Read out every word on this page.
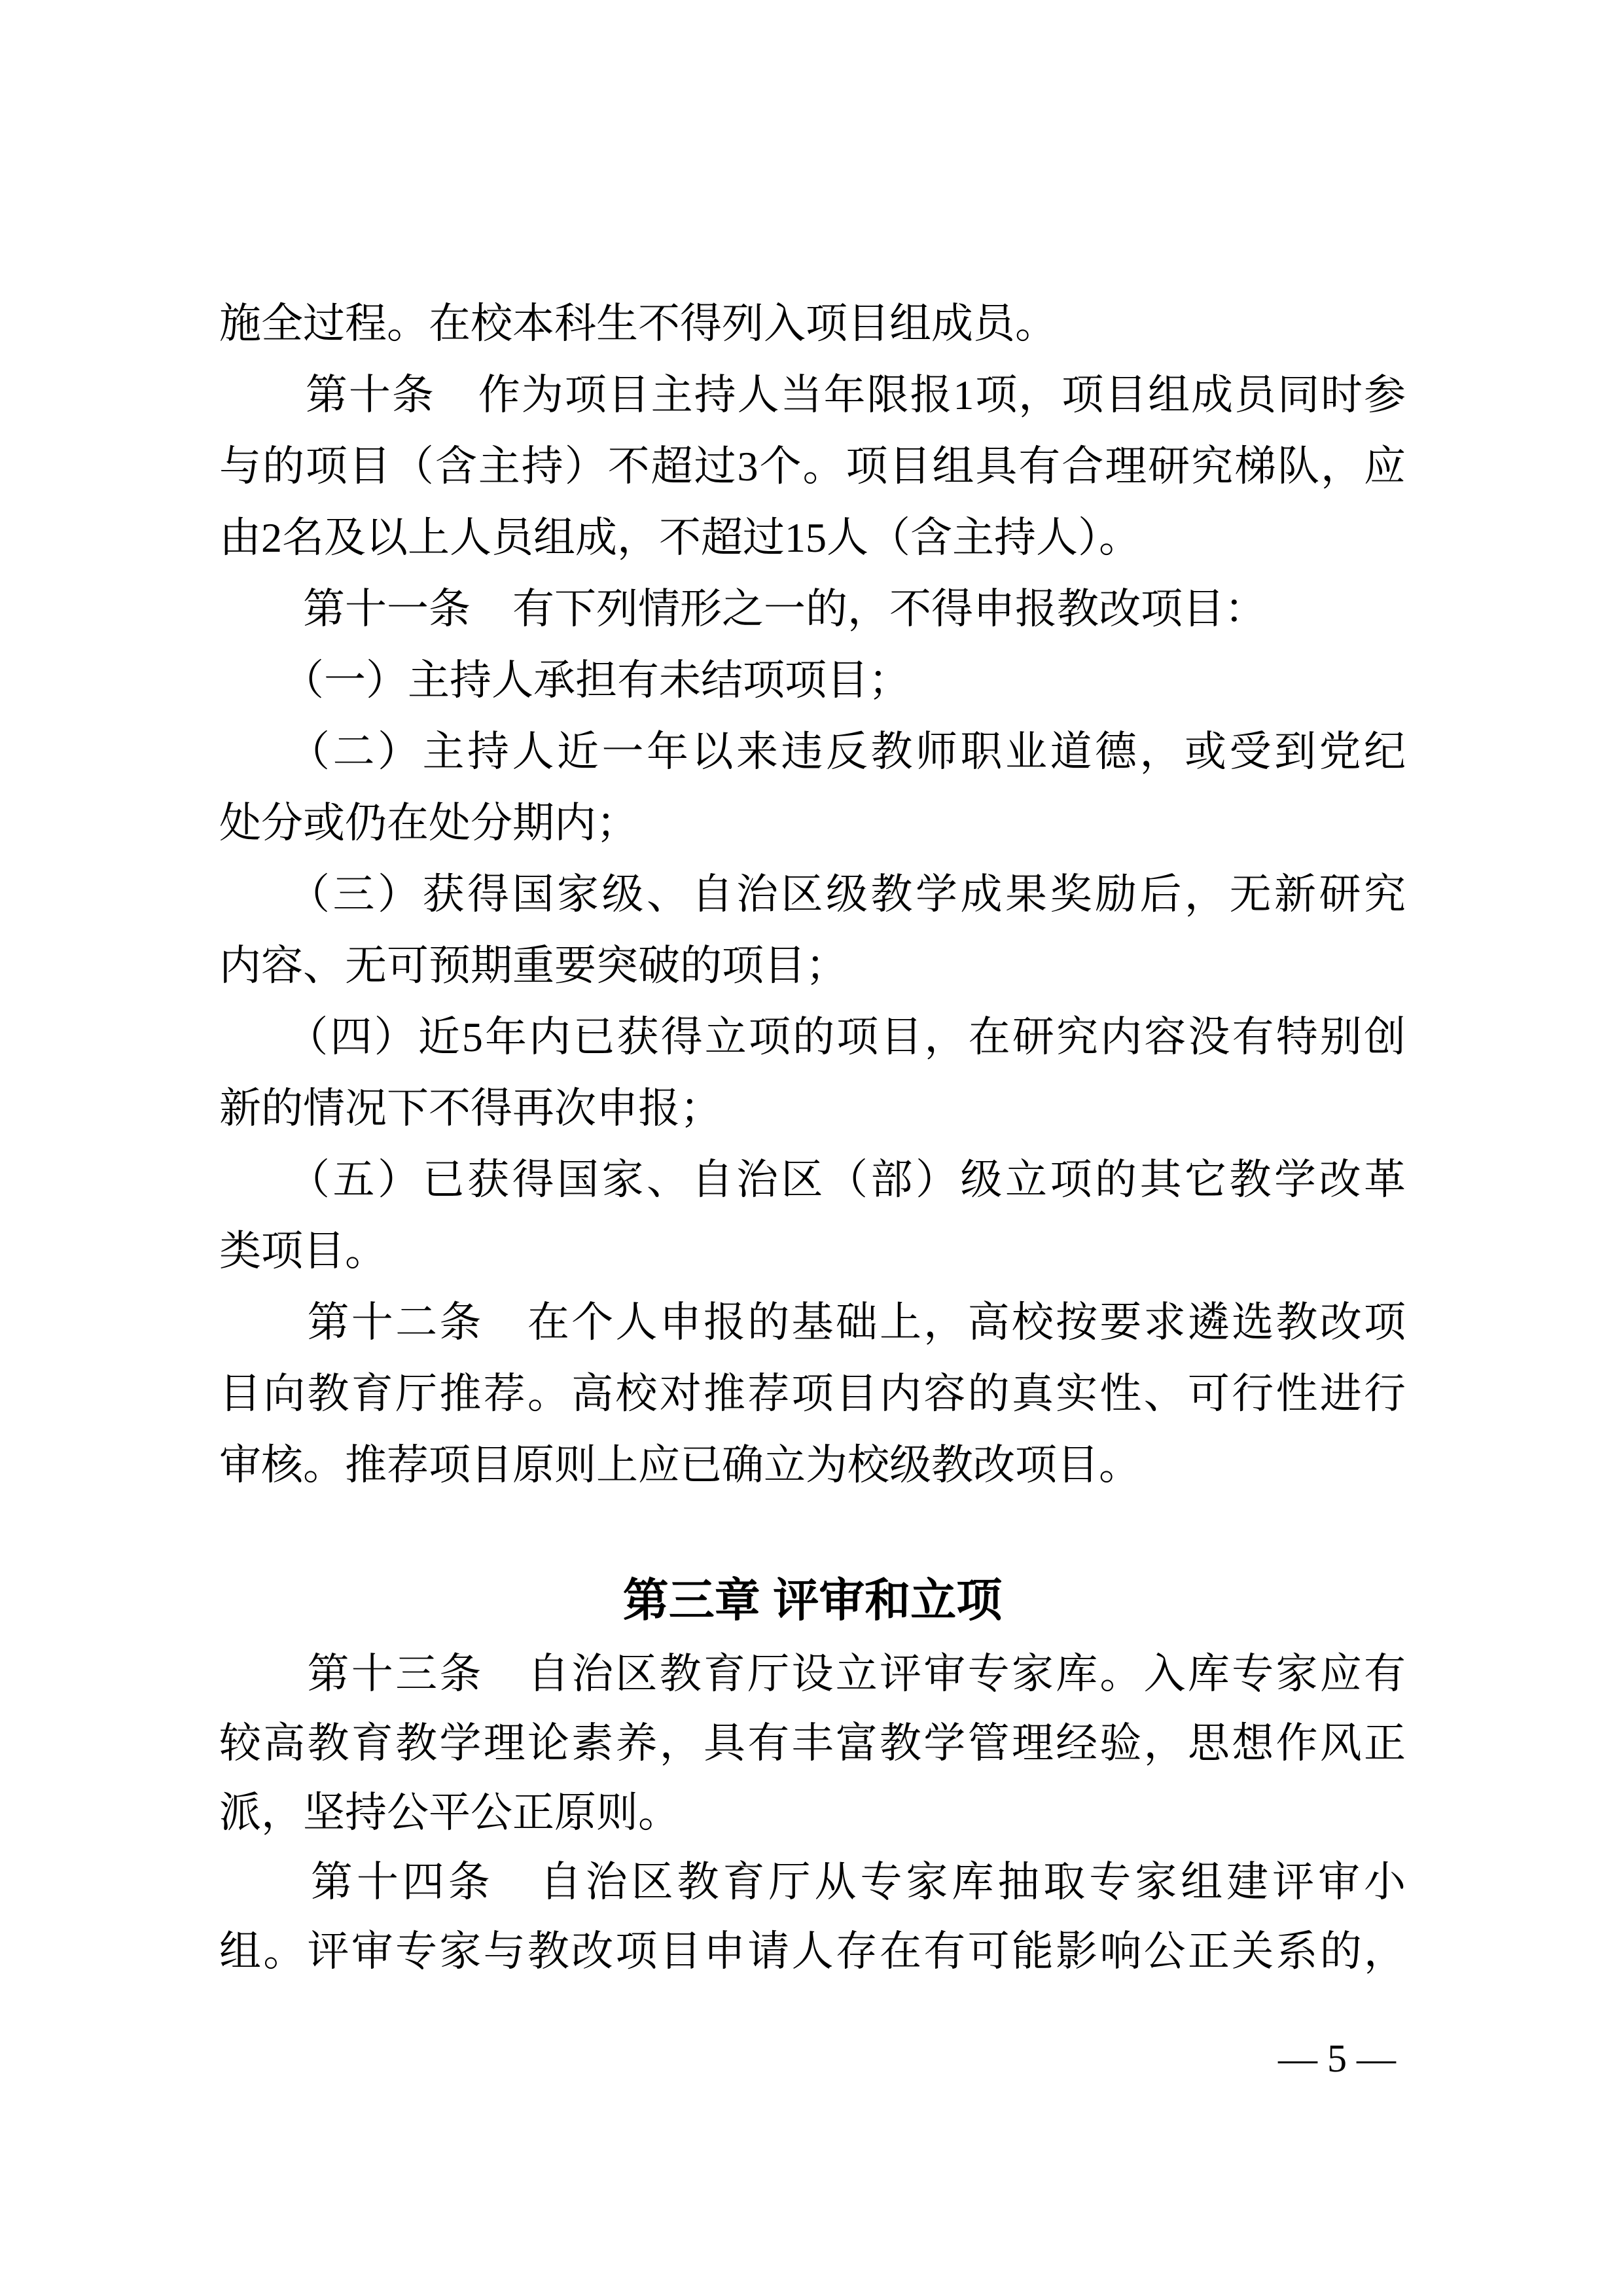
施全过程。在校本科生不得列入项目组成员。
　　第十条　作为项目主持人当年限报1项，项目组成员同时参
与的项目（含主持）不超过3个。项目组具有合理研究梯队，应
由2名及以上人员组成，不超过15人（含主持人）。
　　第十一条　有下列情形之一的，不得申报教改项目：
　　（一）主持人承担有未结项项目；
　　（二）主持人近一年以来违反教师职业道德，或受到党纪
处分或仍在处分期内；
　　（三）获得国家级、自治区级教学成果奖励后，无新研究
内容、无可预期重要突破的项目；
　　（四）近5年内已获得立项的项目，在研究内容没有特别创
新的情况下不得再次申报；
　　（五）已获得国家、自治区（部）级立项的其它教学改革
类项目。
　　第十二条　在个人申报的基础上，高校按要求遴选教改项
目向教育厅推荐。高校对推荐项目内容的真实性、可行性进行
审核。推荐项目原则上应已确立为校级教改项目。
第三章 评审和立项
　　第十三条　自治区教育厅设立评审专家库。入库专家应有
较高教育教学理论素养，具有丰富教学管理经验，思想作风正
派，坚持公平公正原则。
　　第十四条　自治区教育厅从专家库抽取专家组建评审小
组。评审专家与教改项目申请人存在有可能影响公正关系的，
— 5 —
